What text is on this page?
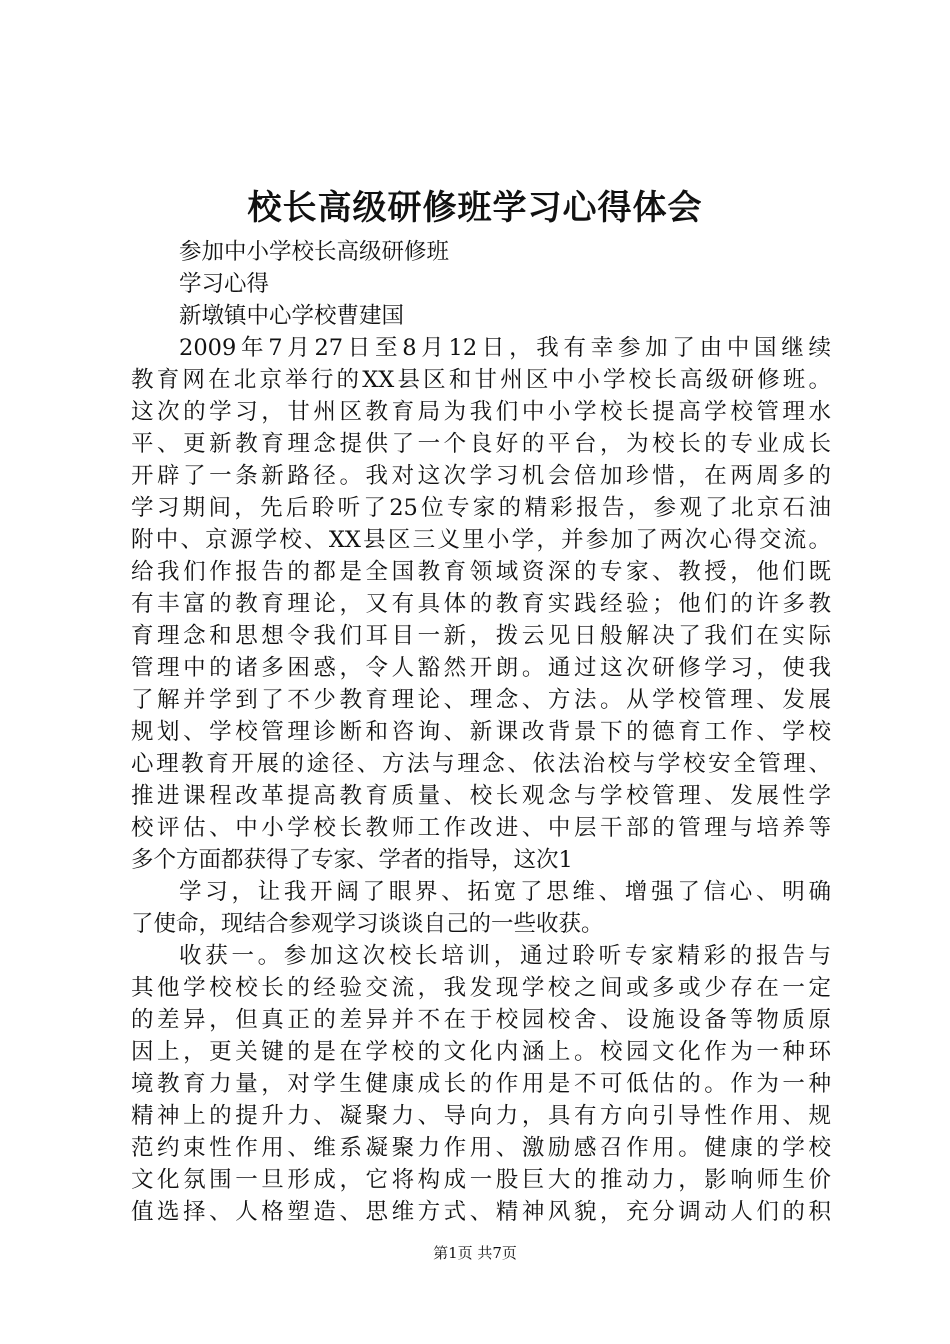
校长高级研修班学习心得体会
参加中小学校长高级研修班
学习心得
新墩镇中心学校曹建国
2009年7月27日至8月12日，我有幸参加了由中国继续
教育网在北京举行的XX县区和甘州区中小学校长高级研修班。
这次的学习，甘州区教育局为我们中小学校长提高学校管理水
平、更新教育理念提供了一个良好的平台，为校长的专业成长
开辟了一条新路径。我对这次学习机会倍加珍惜，在两周多的
学习期间，先后聆听了25位专家的精彩报告，参观了北京石油
附中、京源学校、XX县区三义里小学，并参加了两次心得交流。
给我们作报告的都是全国教育领域资深的专家、教授，他们既
有丰富的教育理论，又有具体的教育实践经验；他们的许多教
育理念和思想令我们耳目一新，拨云见日般解决了我们在实际
管理中的诸多困惑，令人豁然开朗。通过这次研修学习，使我
了解并学到了不少教育理论、理念、方法。从学校管理、发展
规划、学校管理诊断和咨询、新课改背景下的德育工作、学校
心理教育开展的途径、方法与理念、依法治校与学校安全管理、
推进课程改革提高教育质量、校长观念与学校管理、发展性学
校评估、中小学校长教师工作改进、中层干部的管理与培养等
多个方面都获得了专家、学者的指导，这次1
学习，让我开阔了眼界、拓宽了思维、增强了信心、明确
了使命，现结合参观学习谈谈自己的一些收获。
收获一。参加这次校长培训，通过聆听专家精彩的报告与
其他学校校长的经验交流，我发现学校之间或多或少存在一定
的差异，但真正的差异并不在于校园校舍、设施设备等物质原
因上，更关键的是在学校的文化内涵上。校园文化作为一种环
境教育力量，对学生健康成长的作用是不可低估的。作为一种
精神上的提升力、凝聚力、导向力，具有方向引导性作用、规
范约束性作用、维系凝聚力作用、激励感召作用。健康的学校
文化氛围一旦形成，它将构成一股巨大的推动力，影响师生价
值选择、人格塑造、思维方式、精神风貌，充分调动人们的积
第1页 共7页
